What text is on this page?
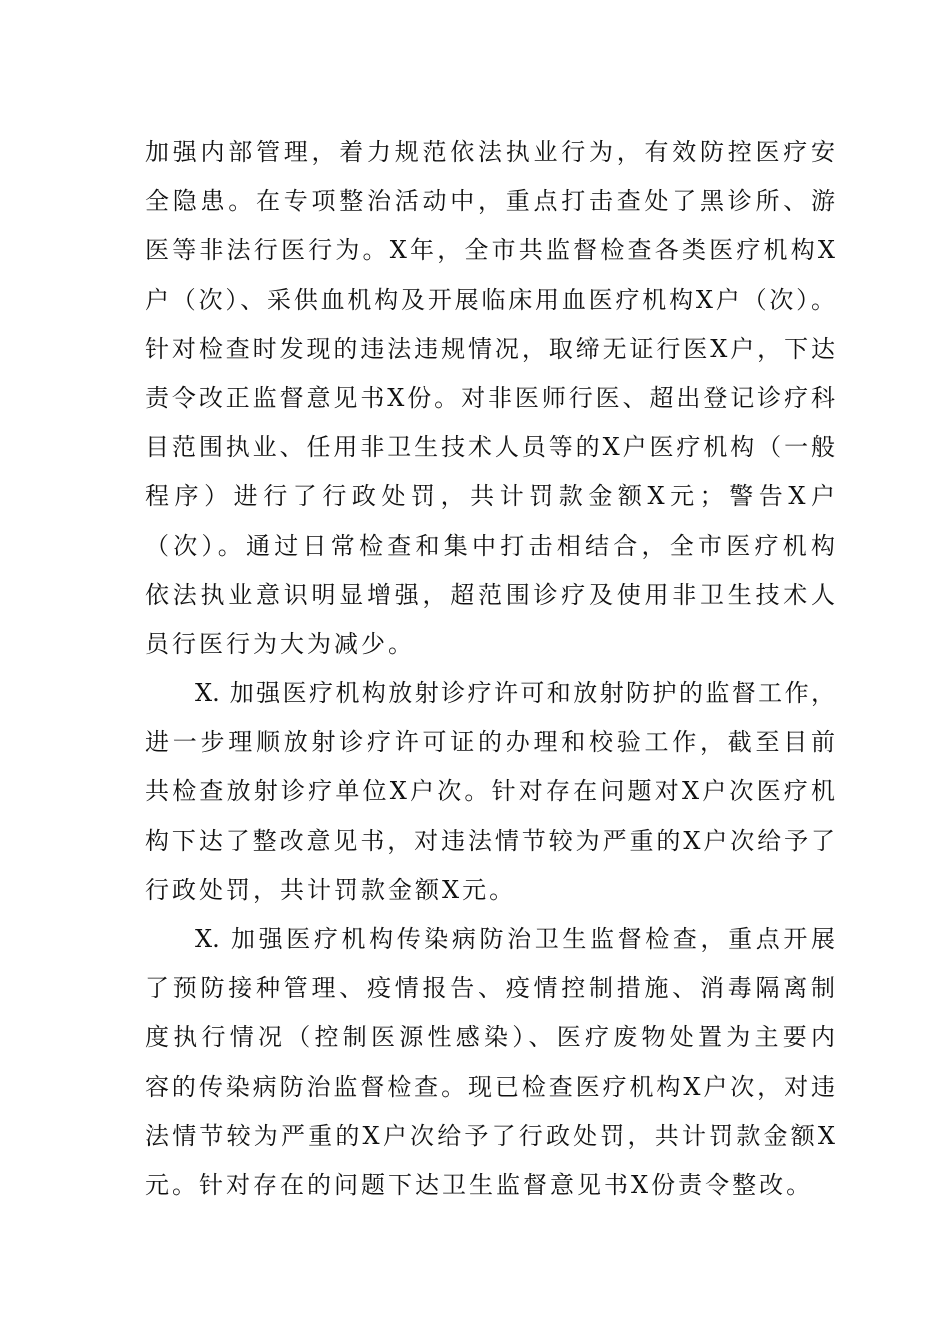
加强内部管理，着力规范依法执业行为，有效防控医疗安
全隐患。在专项整治活动中，重点打击查处了黑诊所、游
医等非法行医行为。X年，全市共监督检查各类医疗机构X
户（次）、采供血机构及开展临床用血医疗机构X户（次）。
针对检查时发现的违法违规情况，取缔无证行医X户，下达
责令改正监督意见书X份。对非医师行医、超出登记诊疗科
目范围执业、任用非卫生技术人员等的X户医疗机构（一般
程序）进行了行政处罚，共计罚款金额X元；警告X户
（次）。通过日常检查和集中打击相结合，全市医疗机构
依法执业意识明显增强，超范围诊疗及使用非卫生技术人
员行医行为大为减少。
X. 加强医疗机构放射诊疗许可和放射防护的监督工作，
进一步理顺放射诊疗许可证的办理和校验工作，截至目前
共检查放射诊疗单位X户次。针对存在问题对X户次医疗机
构下达了整改意见书，对违法情节较为严重的X户次给予了
行政处罚，共计罚款金额X元。
X. 加强医疗机构传染病防治卫生监督检查，重点开展
了预防接种管理、疫情报告、疫情控制措施、消毒隔离制
度执行情况（控制医源性感染）、医疗废物处置为主要内
容的传染病防治监督检查。现已检查医疗机构X户次，对违
法情节较为严重的X户次给予了行政处罚，共计罚款金额X
元。针对存在的问题下达卫生监督意见书X份责令整改。
